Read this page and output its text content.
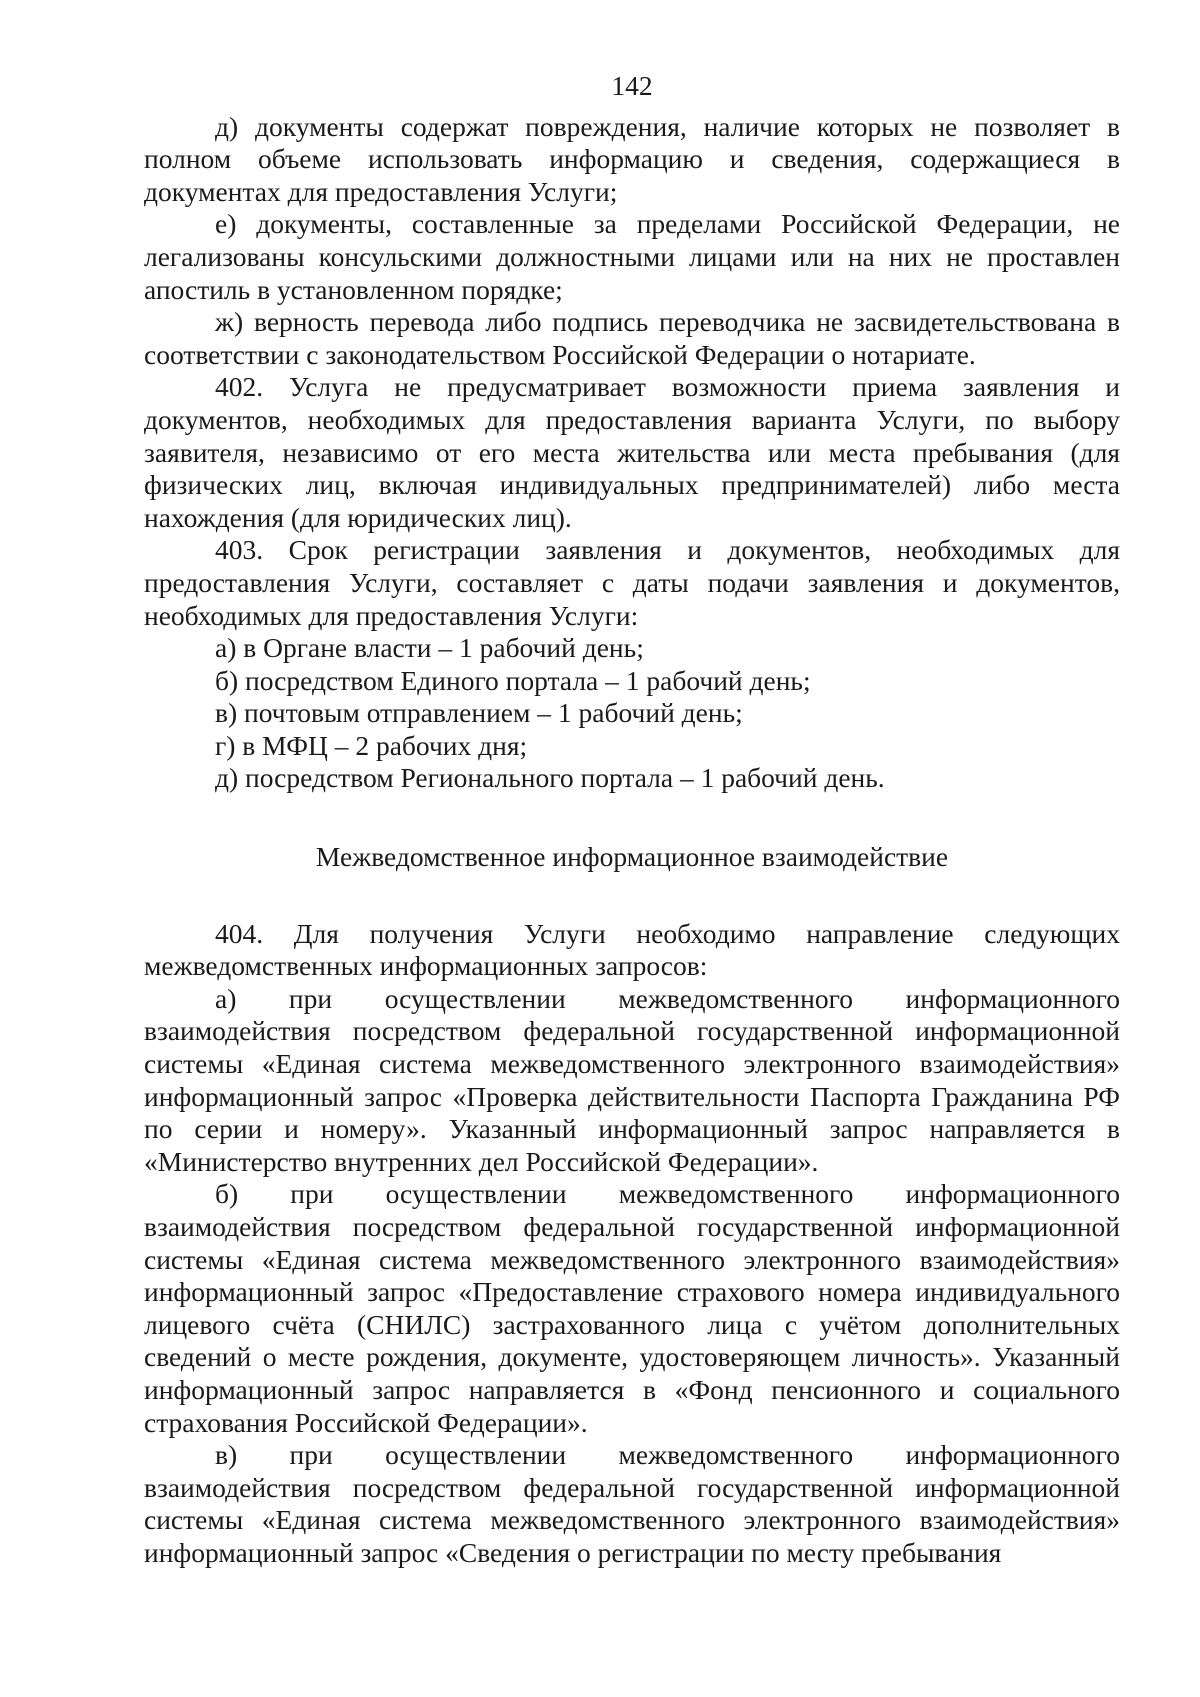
142

д) документы содержат повреждения, наличие которых не позволяет в полном объеме использовать информацию и сведения, содержащиеся в документах для предоставления Услуги;

е) документы, составленные за пределами Российской Федерации, не легализованы консульскими должностными лицами или на них не проставлен апостиль в установленном порядке;

ж) верность перевода либо подпись переводчика не засвидетельствована в соответствии с законодательством Российской Федерации о нотариате.

402. Услуга не предусматривает возможности приема заявления и документов, необходимых для предоставления варианта Услуги, по выбору заявителя, независимо от его места жительства или места пребывания (для физических лиц, включая индивидуальных предпринимателей) либо места нахождения (для юридических лиц).

403. Срок регистрации заявления и документов, необходимых для предоставления Услуги, составляет с даты подачи заявления и документов, необходимых для предоставления Услуги:

а) в Органе власти – 1 рабочий день;

б) посредством Единого портала – 1 рабочий день;

в) почтовым отправлением – 1 рабочий день;

г) в МФЦ – 2 рабочих дня;

д) посредством Регионального портала – 1 рабочий день.

Межведомственное информационное взаимодействие

404. Для получения Услуги необходимо направление следующих межведомственных информационных запросов:

а) при осуществлении межведомственного информационного взаимодействия посредством федеральной государственной информационной системы «Единая система межведомственного электронного взаимодействия» информационный запрос «Проверка действительности Паспорта Гражданина РФ по серии и номеру». Указанный информационный запрос направляется в «Министерство внутренних дел Российской Федерации».

б) при осуществлении межведомственного информационного взаимодействия посредством федеральной государственной информационной системы «Единая система межведомственного электронного взаимодействия» информационный запрос «Предоставление страхового номера индивидуального лицевого счёта (СНИЛС) застрахованного лица с учётом дополнительных сведений о месте рождения, документе, удостоверяющем личность». Указанный информационный запрос направляется в «Фонд пенсионного и социального страхования Российской Федерации».

в) при осуществлении межведомственного информационного взаимодействия посредством федеральной государственной информационной системы «Единая система межведомственного электронного взаимодействия» информационный запрос «Сведения о регистрации по месту пребывания
